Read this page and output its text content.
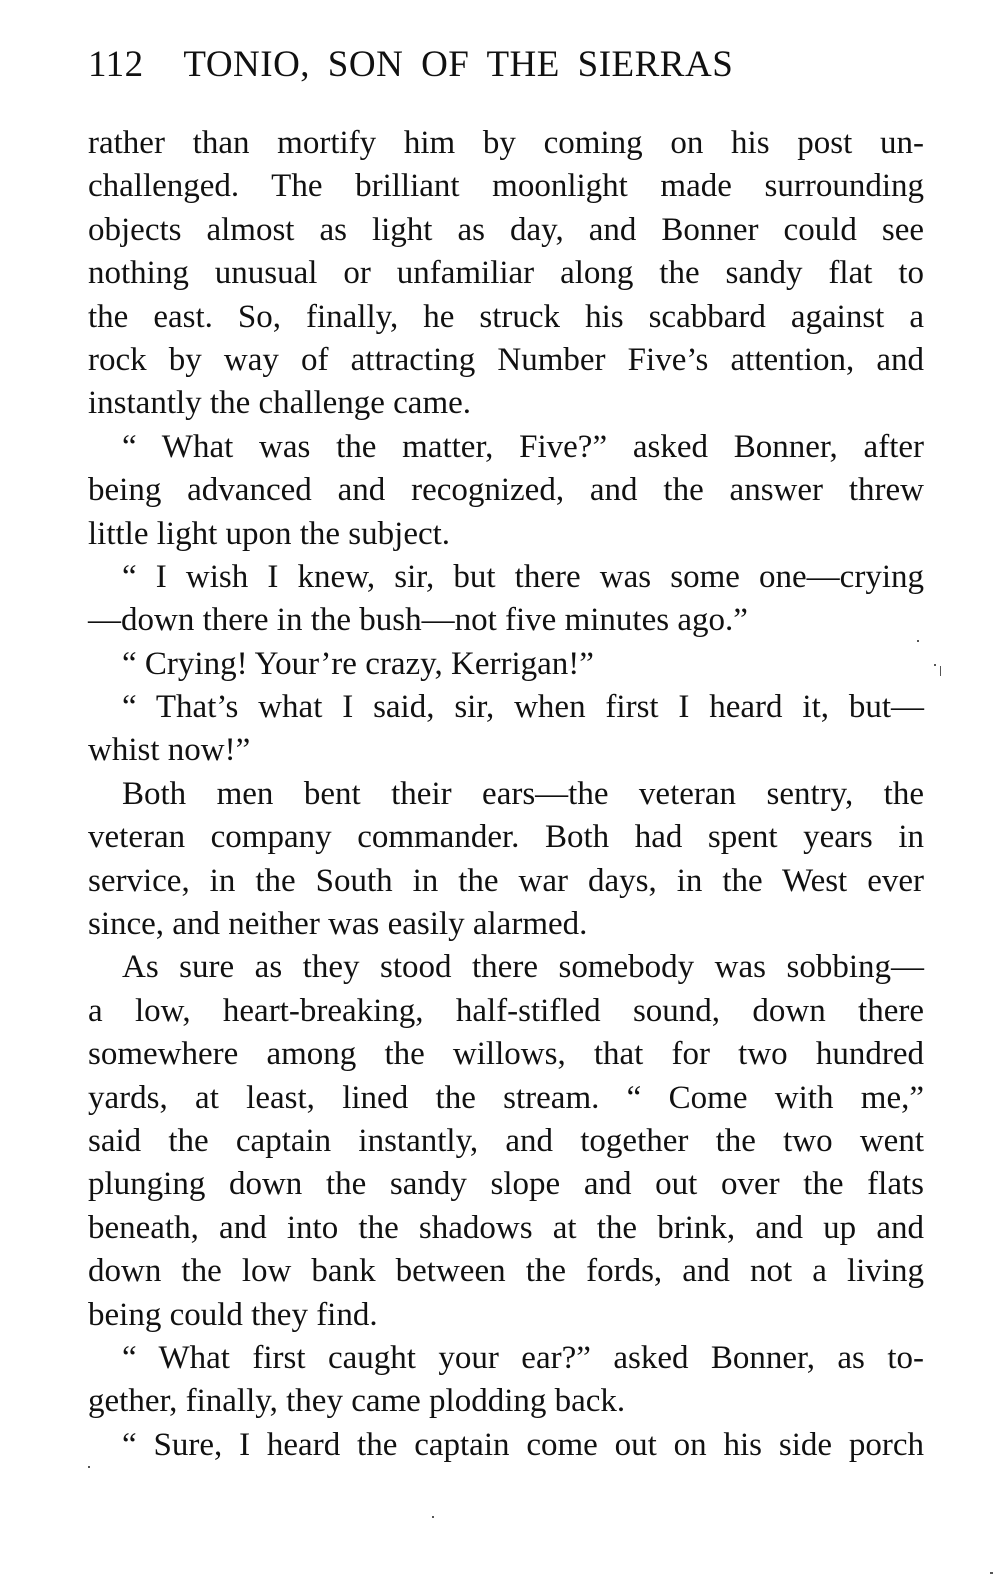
112 TONIO, SON OF THE SIERRAS
rather than mortify him by coming on his post un-
challenged. The brilliant moonlight made surrounding
objects almost as light as day, and Bonner could see
nothing unusual or unfamiliar along the sandy flat to
the east. So, finally, he struck his scabbard against a
rock by way of attracting Number Five’s attention, and
instantly the challenge came.
“ What was the matter, Five?” asked Bonner, after
being advanced and recognized, and the answer threw
little light upon the subject.
“ I wish I knew, sir, but there was some one—crying
—down there in the bush—not five minutes ago.”
“ Crying! Your’re crazy, Kerrigan!”
“ That’s what I said, sir, when first I heard it, but—
whist now!”
Both men bent their ears—the veteran sentry, the
veteran company commander. Both had spent years in
service, in the South in the war days, in the West ever
since, and neither was easily alarmed.
As sure as they stood there somebody was sobbing—
a low, heart-breaking, half-stifled sound, down there
somewhere among the willows, that for two hundred
yards, at least, lined the stream. “ Come with me,”
said the captain instantly, and together the two went
plunging down the sandy slope and out over the flats
beneath, and into the shadows at the brink, and up and
down the low bank between the fords, and not a living
being could they find.
“ What first caught your ear?” asked Bonner, as to-
gether, finally, they came plodding back.
“ Sure, I heard the captain come out on his side porch
